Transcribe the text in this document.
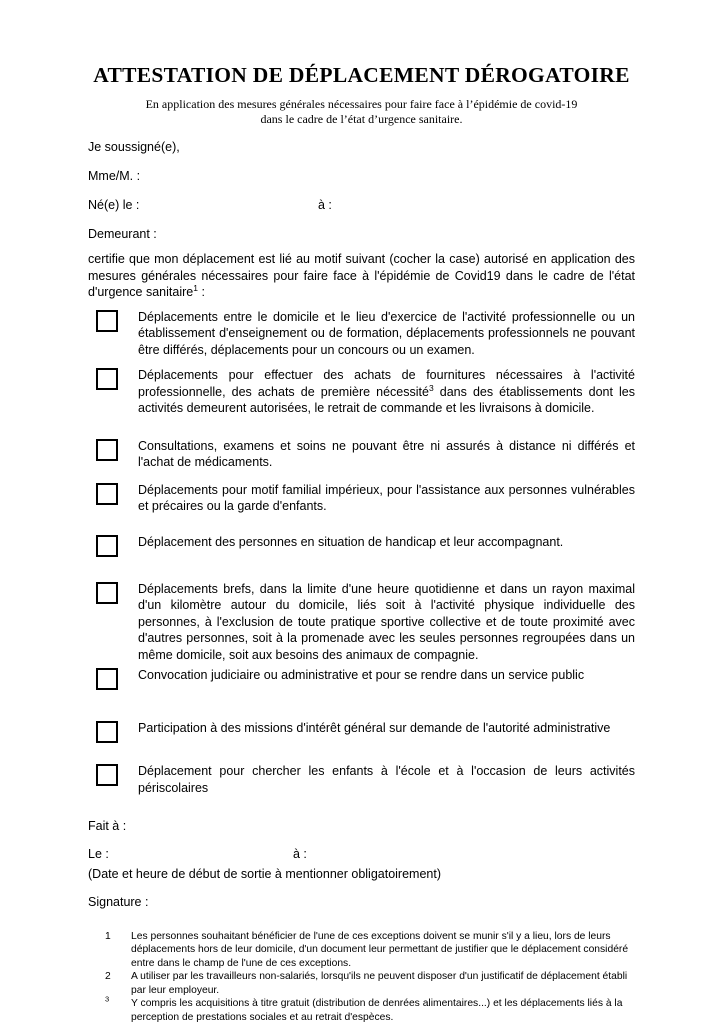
ATTESTATION DE DÉPLACEMENT DÉROGATOIRE

En application des mesures générales nécessaires pour faire face à l’épidémie de covid-19
dans le cadre de l’état d’urgence sanitaire.

Je soussigné(e),

Mme/M. :

Né(e) le :	à :

Demeurant :

certifie que mon déplacement est lié au motif suivant (cocher la case) autorisé en application des mesures générales nécessaires pour faire face à l'épidémie de Covid19 dans le cadre de l'état d'urgence sanitaire$^1$ :

Déplacements entre le domicile et le lieu d'exercice de l'activité professionnelle ou un établissement d'enseignement ou de formation, déplacements professionnels ne pouvant être différés, déplacements pour un concours ou un examen.
Déplacements pour effectuer des achats de fournitures nécessaires à l'activité professionnelle, des achats de première nécessité$^3$ dans des établissements dont les activités demeurent autorisées, le retrait de commande et les livraisons à domicile.
Consultations, examens et soins ne pouvant être ni assurés à distance ni différés et l'achat de médicaments.
Déplacements pour motif familial impérieux, pour l'assistance aux personnes vulnérables et précaires ou la garde d'enfants.
Déplacement des personnes en situation de handicap et leur accompagnant.
Déplacements brefs, dans la limite d'une heure quotidienne et dans un rayon maximal d'un kilomètre autour du domicile, liés soit à l'activité physique individuelle des personnes, à l'exclusion de toute pratique sportive collective et de toute proximité avec d'autres personnes, soit à la promenade avec les seules personnes regroupées dans un même domicile, soit aux besoins des animaux de compagnie.
Convocation judiciaire ou administrative et pour se rendre dans un service public
Participation à des missions d'intérêt général sur demande de l'autorité administrative
Déplacement pour chercher les enfants à l'école et à l'occasion de leurs activités périscolaires

Fait à :

Le :	à :

(Date et heure de début de sortie à mentionner obligatoirement)

Signature :

1	Les personnes souhaitant bénéficier de l'une de ces exceptions doivent se munir s'il y a lieu, lors de leurs déplacements hors de leur domicile, d'un document leur permettant de justifier que le déplacement considéré entre dans le champ de l'une de ces exceptions.
2	A utiliser par les travailleurs non-salariés, lorsqu'ils ne peuvent disposer d'un justificatif de déplacement établi par leur employeur.
$^3$	Y compris les acquisitions à titre gratuit (distribution de denrées alimentaires...) et les déplacements liés à la perception de prestations sociales et au retrait d'espèces.
